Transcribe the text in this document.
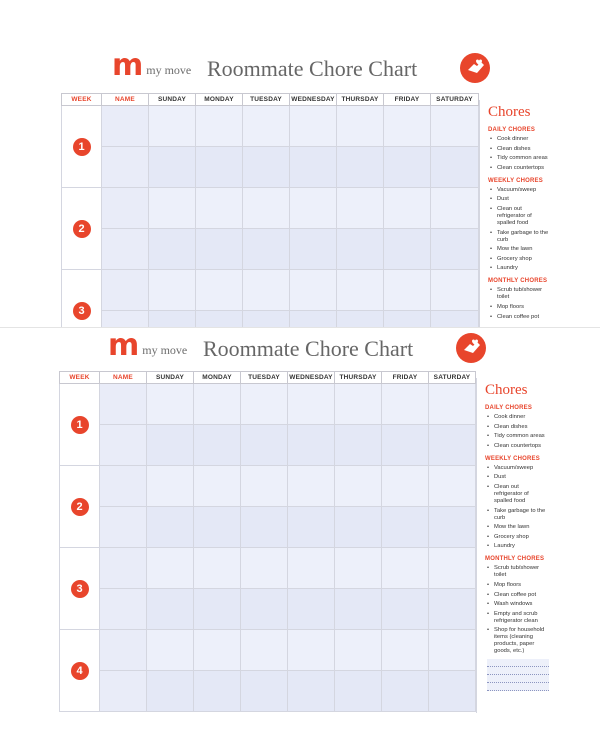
m my move Roommate Chore Chart
WEEK	NAME	SUNDAY	MONDAY	TUESDAY	WEDNESDAY	THURSDAY	FRIDAY	SATURDAY
1								

2								

3								

Chores
DAILY CHORES
• Cook dinner
• Clean dishes
• Tidy common areas
• Clean countertops
WEEKLY CHORES
• Vacuum/sweep
• Dust
• Clean out refrigerator of spalled food
• Take garbage to the curb
• Mow the lawn
• Grocery shop
• Laundry
MONTHLY CHORES
• Scrub tub/shower toilet
• Mop floors
• Clean coffee pot
m my move Roommate Chore Chart
WEEK	NAME	SUNDAY	MONDAY	TUESDAY	WEDNESDAY	THURSDAY	FRIDAY	SATURDAY
1								

2								

3								

4								

Chores
DAILY CHORES
• Cook dinner
• Clean dishes
• Tidy common areas
• Clean countertops
WEEKLY CHORES
• Vacuum/sweep
• Dust
• Clean out refrigerator of spalled food
• Take garbage to the curb
• Mow the lawn
• Grocery shop
• Laundry
MONTHLY CHORES
• Scrub tub/shower toilet
• Mop floors
• Clean coffee pot
• Wash windows
• Empty and scrub refrigerator clean
• Shop for household items (cleaning products, paper goods, etc.)
